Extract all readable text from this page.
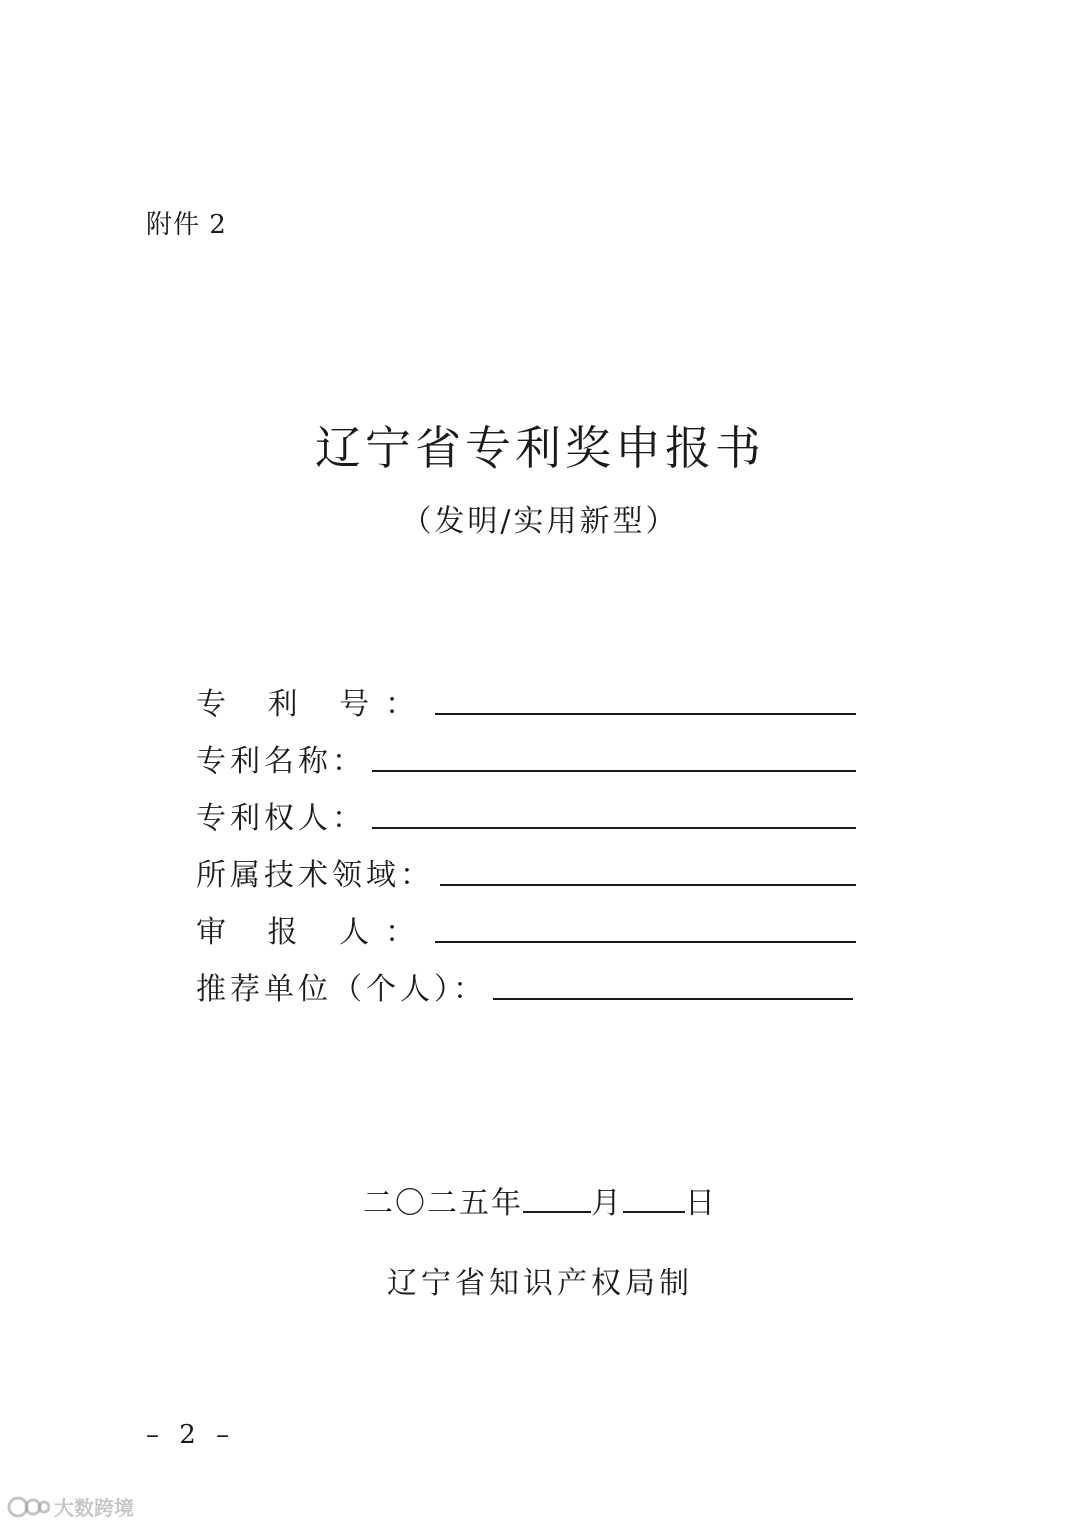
附件 2
辽宁省专利奖申报书
（发明/实用新型）
专 利 号：
专利名称：
专利权人：
所属技术领域：
审 报 人：
推荐单位（个人）：
二〇二五年 月 日
辽宁省知识产权局制
– 2 –
大数跨境
